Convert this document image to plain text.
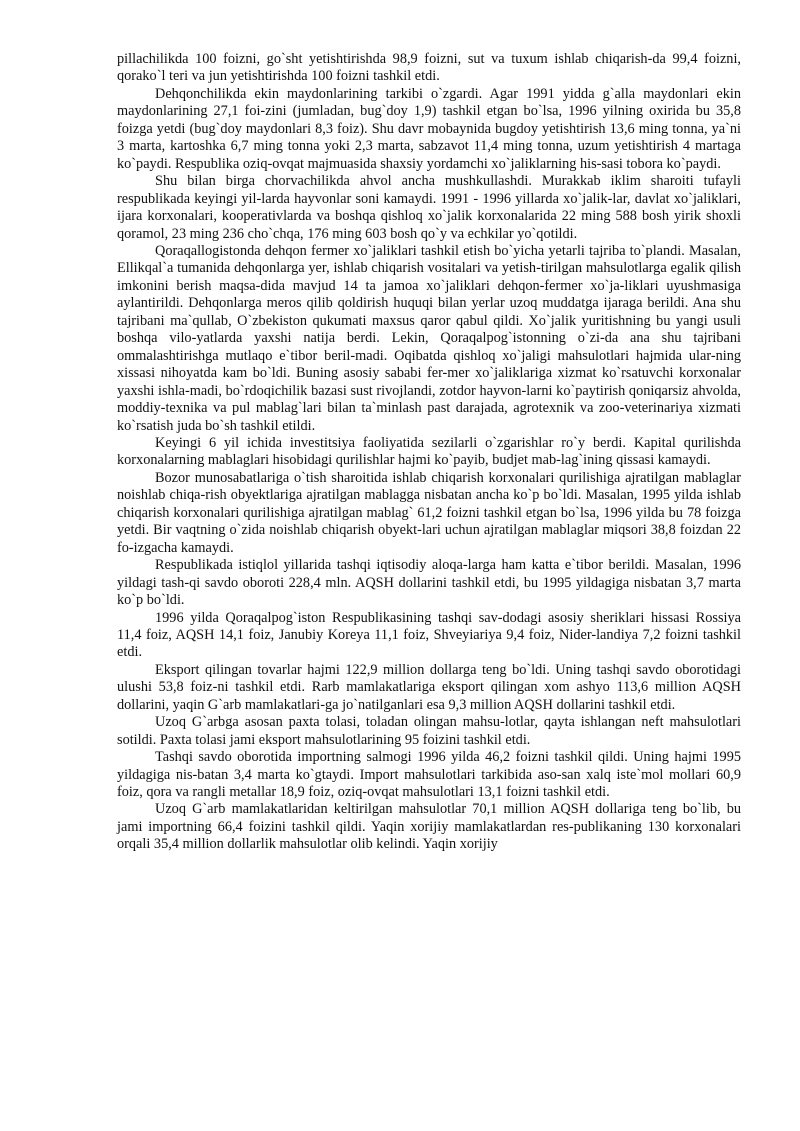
pillachilikda 100 foizni, go`sht yetishtirishda 98,9 foizni, sut va tuxum ishlab chiqarish-da 99,4 foizni, qorako`l teri va jun yetishtirishda 100 foizni tashkil etdi.

Dehqonchilikda ekin maydonlarining tarkibi o`zgardi. Agar 1991 yidda g`alla maydonlari ekin maydonlarining 27,1 foi-zini (jumladan, bug`doy 1,9) tashkil etgan bo`lsa, 1996 yilning oxirida bu 35,8 foizga yetdi (bug`doy maydonlari 8,3 foiz). Shu davr mobaynida bugdoy yetishtirish 13,6 ming tonna, ya`ni 3 marta, kartoshka 6,7 ming tonna yoki 2,3 marta, sabzavot 11,4 ming tonna, uzum yetishtirish 4 martaga ko`paydi. Respublika oziq-ovqat majmuasida shaxsiy yordamchi xo`jaliklarning his-sasi tobora ko`paydi.

Shu bilan birga chorvachilikda ahvol ancha mushkullashdi. Murakkab iklim sharoiti tufayli respublikada keyingi yil-larda hayvonlar soni kamaydi. 1991 - 1996 yillarda xo`jalik-lar, davlat xo`jaliklari, ijara korxonalari, kooperativlarda va boshqa qishloq xo`jalik korxonalarida 22 ming 588 bosh yirik shoxli qoramol, 23 ming 236 cho`chqa, 176 ming 603 bosh qo`y va echkilar yo`qotildi.

Qoraqallogistonda dehqon fermer xo`jaliklari tashkil etish bo`yicha yetarli tajriba to`plandi. Masalan, Ellikqal`a tumanida dehqonlarga yer, ishlab chiqarish vositalari va yetish-tirilgan mahsulotlarga egalik qilish imkonini berish maqsa-dida mavjud 14 ta jamoa xo`jaliklari dehqon-fermer xo`ja-liklari uyushmasiga aylantirildi. Dehqonlarga meros qilib qoldirish huquqi bilan yerlar uzoq muddatga ijaraga berildi. Ana shu tajribani ma`qullab, O`zbekiston qukumati maxsus qaror qabul qildi. Xo`jalik yuritishning bu yangi usuli boshqa vilo-yatlarda yaxshi natija berdi. Lekin, Qoraqalpog`istonning o`zi-da ana shu tajribani ommalashtirishga mutlaqo e`tibor beril-madi. Oqibatda qishloq xo`jaligi mahsulotlari hajmida ular-ning xissasi nihoyatda kam bo`ldi. Buning asosiy sababi fer-mer xo`jaliklariga xizmat ko`rsatuvchi korxonalar yaxshi ishla-madi, bo`rdoqichilik bazasi sust rivojlandi, zotdor hayvon-larni ko`paytirish qoniqarsiz ahvolda, moddiy-texnika va pul mablag`lari bilan ta`minlash past darajada, agrotexnik va zoo-veterinariya xizmati ko`rsatish juda bo`sh tashkil etildi.

Keyingi 6 yil ichida investitsiya faoliyatida sezilarli o`zgarishlar ro`y berdi. Kapital qurilishda korxonalarning mablaglari hisobidagi qurilishlar hajmi ko`payib, budjet mab-lag`ining qissasi kamaydi.

Bozor munosabatlariga o`tish sharoitida ishlab chiqarish korxonalari qurilishiga ajratilgan mablaglar noishlab chiqa-rish obyektlariga ajratilgan mablagga nisbatan ancha ko`p bo`ldi. Masalan, 1995 yilda ishlab chiqarish korxonalari qurilishiga ajratilgan mablag` 61,2 foizni tashkil etgan bo`lsa, 1996 yilda bu 78 foizga yetdi. Bir vaqtning o`zida noishlab chiqarish obyekt-lari uchun ajratilgan mablaglar miqsori 38,8 foizdan 22 fo-izgacha kamaydi.

Respublikada istiqlol yillarida tashqi iqtisodiy aloqa-larga ham katta e`tibor berildi. Masalan, 1996 yildagi tash-qi savdo oboroti 228,4 mln. AQSH dollarini tashkil etdi, bu 1995 yildagiga nisbatan 3,7 marta ko`p bo`ldi.

1996 yilda Qoraqalpog`iston Respublikasining tashqi sav-dodagi asosiy sheriklari hissasi Rossiya 11,4 foiz, AQSH 14,1 foiz, Janubiy Koreya 11,1 foiz, Shveyiariya 9,4 foiz, Nider-landiya 7,2 foizni tashkil etdi.

Eksport qilingan tovarlar hajmi 122,9 million dollarga teng bo`ldi. Uning tashqi savdo oborotidagi ulushi 53,8 foiz-ni tashkil etdi. Rarb mamlakatlariga eksport qilingan xom ashyo 113,6 million AQSH dollarini, yaqin G`arb mamlakatlari-ga jo`natilganlari esa 9,3 million AQSH dollarini tashkil etdi.

Uzoq G`arbga asosan paxta tolasi, toladan olingan mahsu-lotlar, qayta ishlangan neft mahsulotlari sotildi. Paxta tolasi jami eksport mahsulotlarining 95 foizini tashkil etdi.

Tashqi savdo oborotida importning salmogi 1996 yilda 46,2 foizni tashkil qildi. Uning hajmi 1995 yildagiga nis-batan 3,4 marta ko`gtaydi. Import mahsulotlari tarkibida aso-san xalq iste`mol mollari 60,9 foiz, qora va rangli metallar 18,9 foiz, oziq-ovqat mahsulotlari 13,1 foizni tashkil etdi.

Uzoq G`arb mamlakatlaridan keltirilgan mahsulotlar 70,1 million AQSH dollariga teng bo`lib, bu jami importning 66,4 foizini tashkil qildi. Yaqin xorijiy mamlakatlardan res-publikaning 130 korxonalari orqali 35,4 million dollarlik mahsulotlar olib kelindi. Yaqin xorijiy
